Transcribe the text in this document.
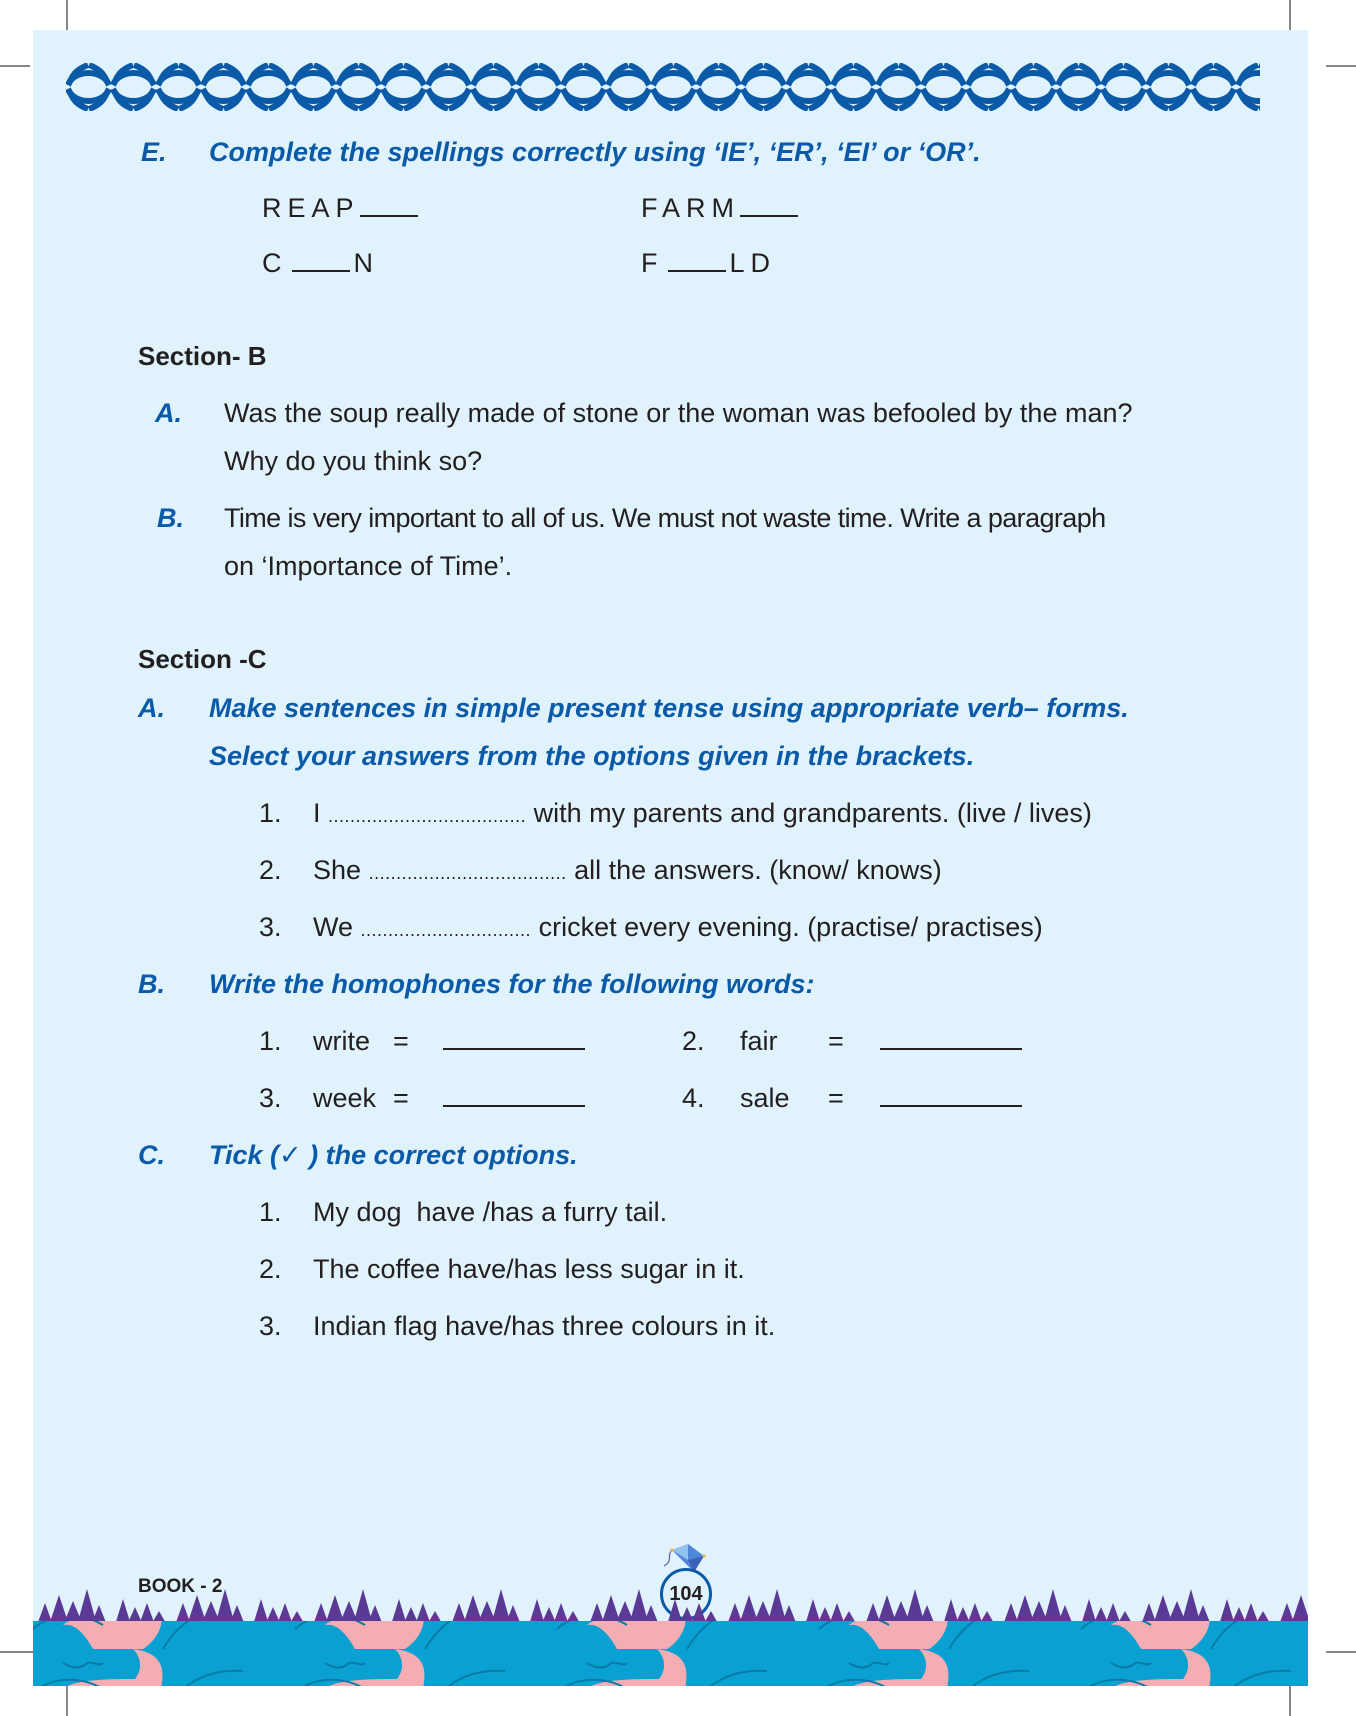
E. Complete the spellings correctly using ‘IE’, ‘ER’, ‘EI’ or ‘OR’.
REAP	FARM
C N	F LD
Section- B
A. Was the soup really made of stone or the woman was befooled by the man?
Why do you think so?
B. Time is very important to all of us. We must not waste time. Write a paragraph
on ‘Importance of Time’.
Section -C
A. Make sentences in simple present tense using appropriate verb– forms.
Select your answers from the options given in the brackets.
1. I .................................... with my parents and grandparents. (live / lives)
2. She .................................... all the answers. (know/ knows)
3. We ............................... cricket every evening. (practise/ practises)
B. Write the homophones for the following words:
1. write =	2. fair =
3. week =	4. sale =
C. Tick (✓ ) the correct options.
1. My dog  have /has a furry tail.
2. The coffee have/has less sugar in it.
3. Indian flag have/has three colours in it.
